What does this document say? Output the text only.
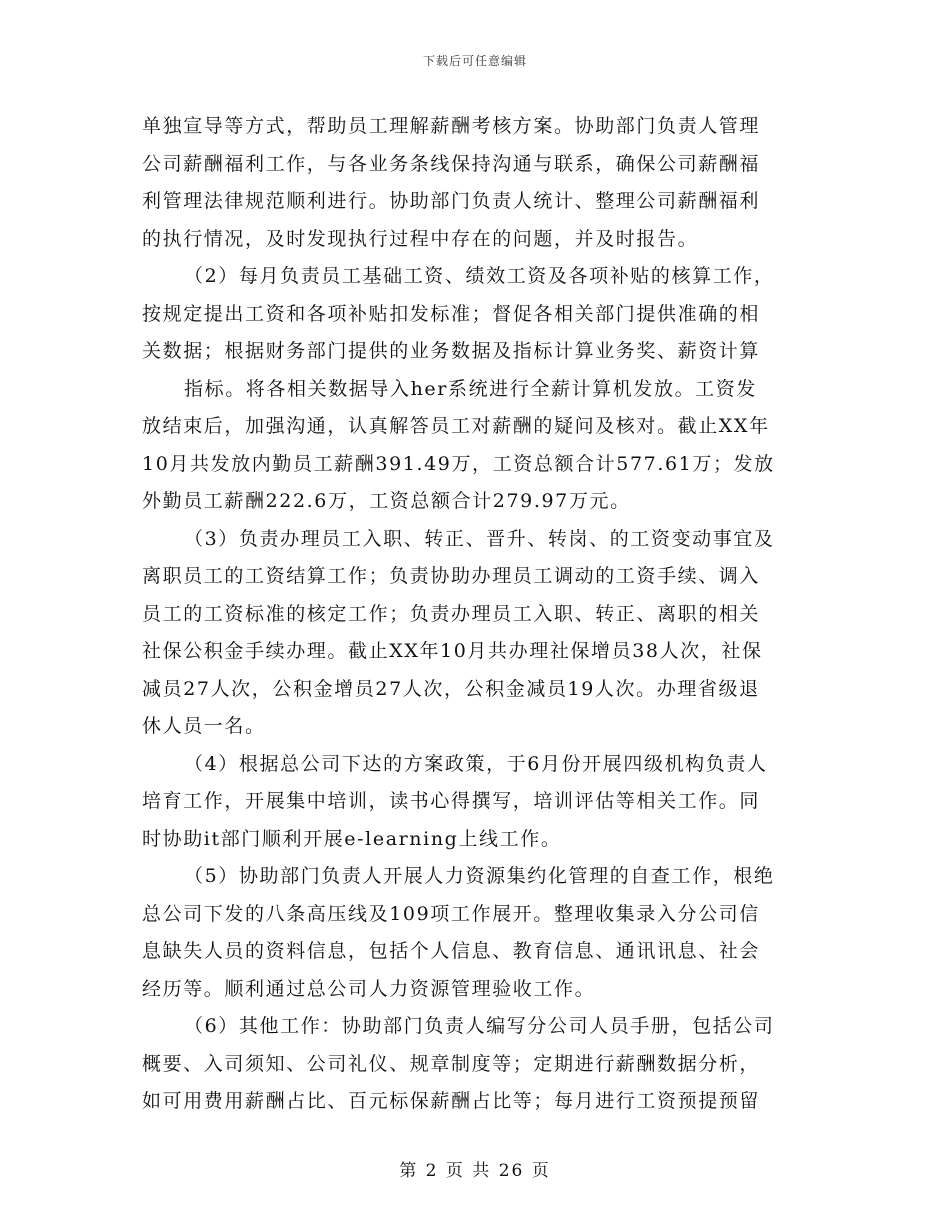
下载后可任意编辑
单独宣导等方式，帮助员工理解薪酬考核方案。协助部门负责人管理
公司薪酬福利工作，与各业务条线保持沟通与联系，确保公司薪酬福
利管理法律规范顺利进行。协助部门负责人统计、整理公司薪酬福利
的执行情况，及时发现执行过程中存在的问题，并及时报告。
（2）每月负责员工基础工资、绩效工资及各项补贴的核算工作，
按规定提出工资和各项补贴扣发标准；督促各相关部门提供准确的相
关数据；根据财务部门提供的业务数据及指标计算业务奖、薪资计算
指标。将各相关数据导入her系统进行全薪计算机发放。工资发
放结束后，加强沟通，认真解答员工对薪酬的疑问及核对。截止XX年
10月共发放内勤员工薪酬391.49万，工资总额合计577.61万；发放
外勤员工薪酬222.6万，工资总额合计279.97万元。
（3）负责办理员工入职、转正、晋升、转岗、的工资变动事宜及
离职员工的工资结算工作；负责协助办理员工调动的工资手续、调入
员工的工资标准的核定工作；负责办理员工入职、转正、离职的相关
社保公积金手续办理。截止XX年10月共办理社保增员38人次，社保
减员27人次，公积金增员27人次，公积金减员19人次。办理省级退
休人员一名。
（4）根据总公司下达的方案政策，于6月份开展四级机构负责人
培育工作，开展集中培训，读书心得撰写，培训评估等相关工作。同
时协助it部门顺利开展e-learning上线工作。
（5）协助部门负责人开展人力资源集约化管理的自查工作，根绝
总公司下发的八条高压线及109项工作展开。整理收集录入分公司信
息缺失人员的资料信息，包括个人信息、教育信息、通讯讯息、社会
经历等。顺利通过总公司人力资源管理验收工作。
（6）其他工作：协助部门负责人编写分公司人员手册，包括公司
概要、入司须知、公司礼仪、规章制度等；定期进行薪酬数据分析，
如可用费用薪酬占比、百元标保薪酬占比等；每月进行工资预提预留
第 2 页 共 26 页
